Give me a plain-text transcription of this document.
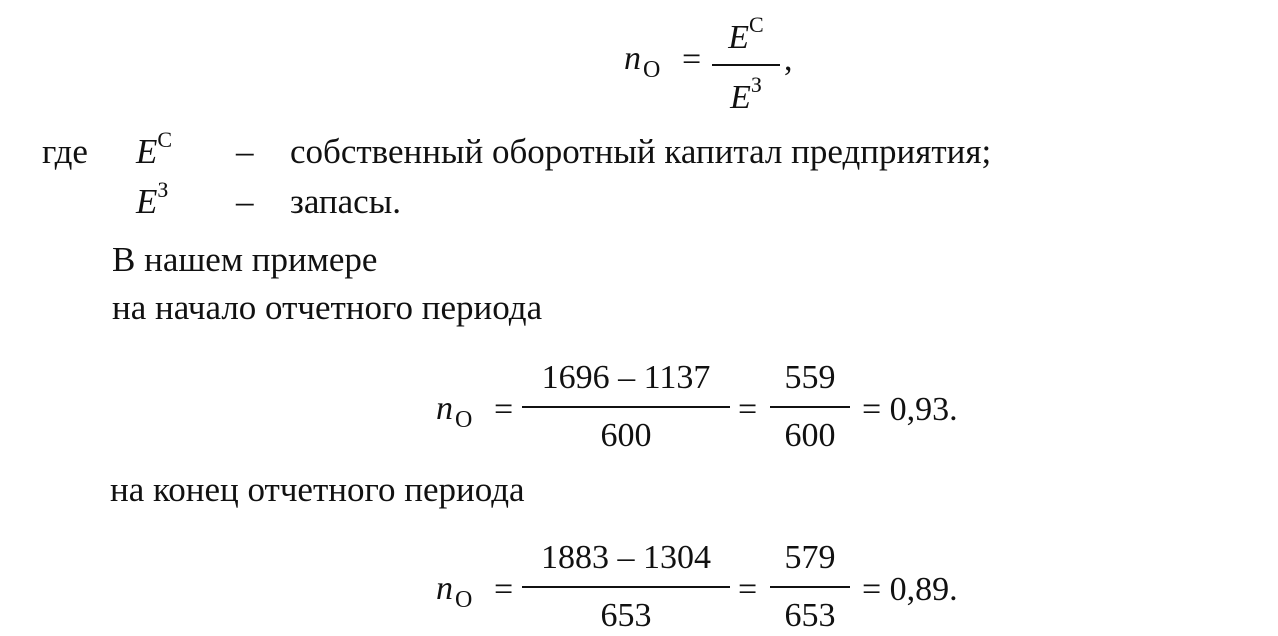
nО =
$E^С$
$E^З$
,
где $E^С$ – собственный оборотный капитал предприятия;
$E^З$ – запасы.
В нашем примере
на начало отчетного периода
nО =
1696 – 1137
600
=
559
600
= 0,93.
на конец отчетного периода
nО =
1883 – 1304
653
=
579
653
= 0,89.
